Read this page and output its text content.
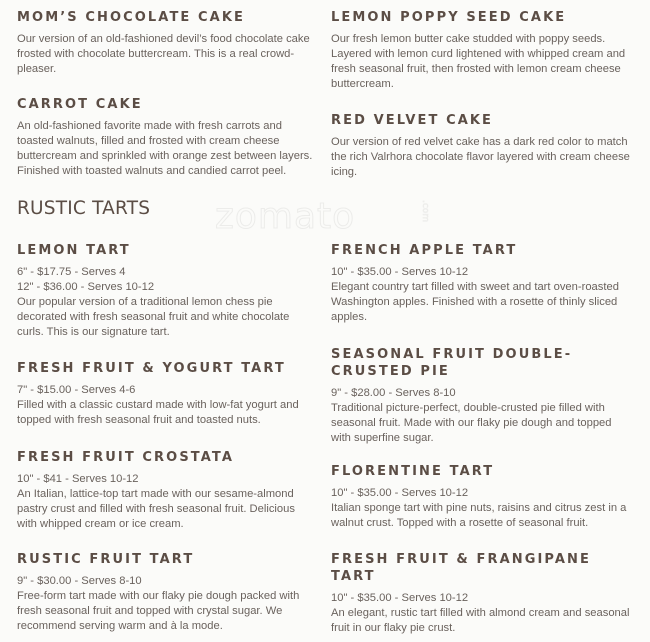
zomato	.com
MOM’S CHOCOLATE CAKE

Our version of an old-fashioned devil’s food chocolate cake frosted with chocolate buttercream. This is a real crowd-pleaser.

CARROT CAKE

An old-fashioned favorite made with fresh carrots and toasted walnuts, filled and frosted with cream cheese buttercream and sprinkled with orange zest between layers. Finished with toasted walnuts and candied carrot peel.

LEMON POPPY SEED CAKE

Our fresh lemon butter cake studded with poppy seeds. Layered with lemon curd lightened with whipped cream and fresh seasonal fruit, then frosted with lemon cream cheese buttercream.

RED VELVET CAKE

Our version of red velvet cake has a dark red color to match the rich Valrhora chocolate flavor layered with cream cheese icing.

RUSTIC TARTS
LEMON TART

6" - $17.75 - Serves 4

12" - $36.00 - Serves 10-12

Our popular version of a traditional lemon chess pie decorated with fresh seasonal fruit and white chocolate curls. This is our signature tart.

FRESH FRUIT & YOGURT TART

7" - $15.00 - Serves 4-6

Filled with a classic custard made with low-fat yogurt and topped with fresh seasonal fruit and toasted nuts.

FRESH FRUIT CROSTATA

10" - $41 - Serves 10-12

An Italian, lattice-top tart made with our sesame-almond pastry crust and filled with fresh seasonal fruit. Delicious with whipped cream or ice cream.

RUSTIC FRUIT TART

9" - $30.00 - Serves 8-10

Free-form tart made with our flaky pie dough packed with fresh seasonal fruit and topped with crystal sugar. We recommend serving warm and à la mode.

FRENCH APPLE TART

10" - $35.00 - Serves 10-12

Elegant country tart filled with sweet and tart oven-roasted Washington apples. Finished with a rosette of thinly sliced apples.

SEASONAL FRUIT DOUBLE-CRUSTED PIE

9" - $28.00 - Serves 8-10

Traditional picture-perfect, double-crusted pie filled with seasonal fruit. Made with our flaky pie dough and topped with superfine sugar.

FLORENTINE TART

10" - $35.00 - Serves 10-12

Italian sponge tart with pine nuts, raisins and citrus zest in a walnut crust. Topped with a rosette of seasonal fruit.

FRESH FRUIT & FRANGIPANE TART

10" - $35.00 - Serves 10-12

An elegant, rustic tart filled with almond cream and seasonal fruit in our flaky pie crust.
